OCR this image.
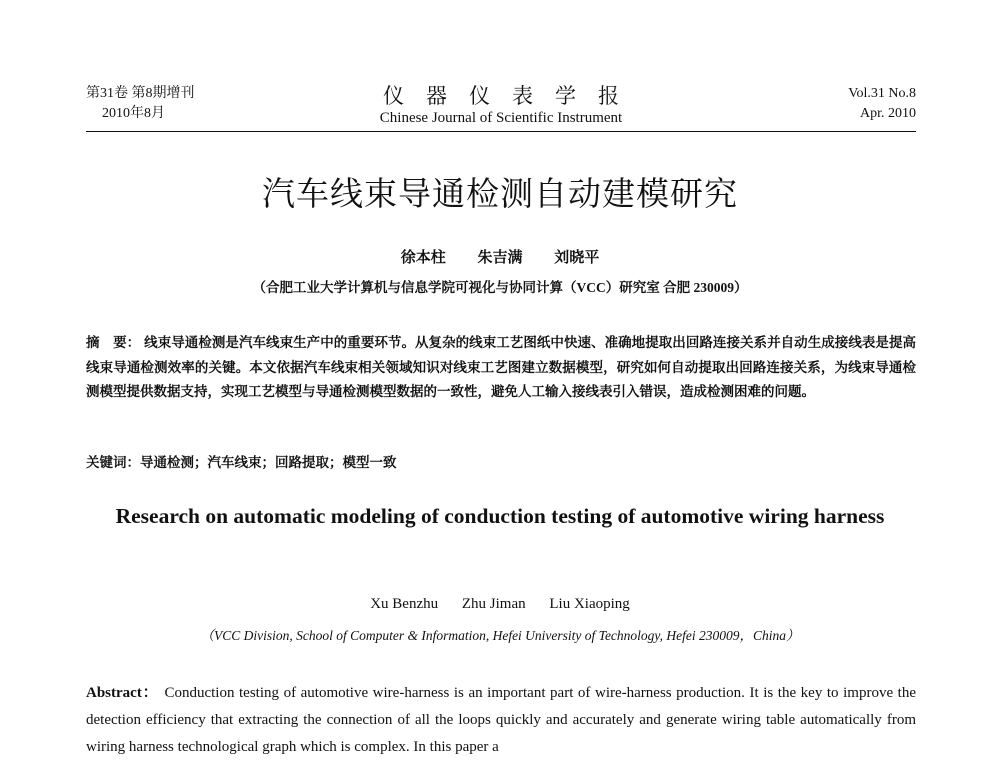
第31卷 第8期增刊
2010年8月
仪器仪表学报
Chinese Journal of Scientific Instrument
Vol.31 No.8
Apr. 2010
汽车线束导通检测自动建模研究
徐本柱 朱吉满 刘晓平
（合肥工业大学计算机与信息学院可视化与协同计算（VCC）研究室 合肥 230009）
摘　要： 线束导通检测是汽车线束生产中的重要环节。从复杂的线束工艺图纸中快速、准确地提取出回路连接关系并自动生成接线表是提高线束导通检测效率的关键。本文依据汽车线束相关领域知识对线束工艺图建立数据模型，研究如何自动提取出回路连接关系，为线束导通检测模型提供数据支持，实现工艺模型与导通检测模型数据的一致性，避免人工输入接线表引入错误，造成检测困难的问题。
关键词：导通检测；汽车线束；回路提取；模型一致
Research on automatic modeling of conduction testing of automotive wiring harness
Xu Benzhu Zhu Jiman Liu Xiaoping
（VCC Division, School of Computer & Information, Hefei University of Technology, Hefei 230009，China）
Abstract： Conduction testing of automotive wire-harness is an important part of wire-harness production. It is the key to improve the detection efficiency that extracting the connection of all the loops quickly and accurately and generate wiring table automatically from wiring harness technological graph which is complex. In this paper a
